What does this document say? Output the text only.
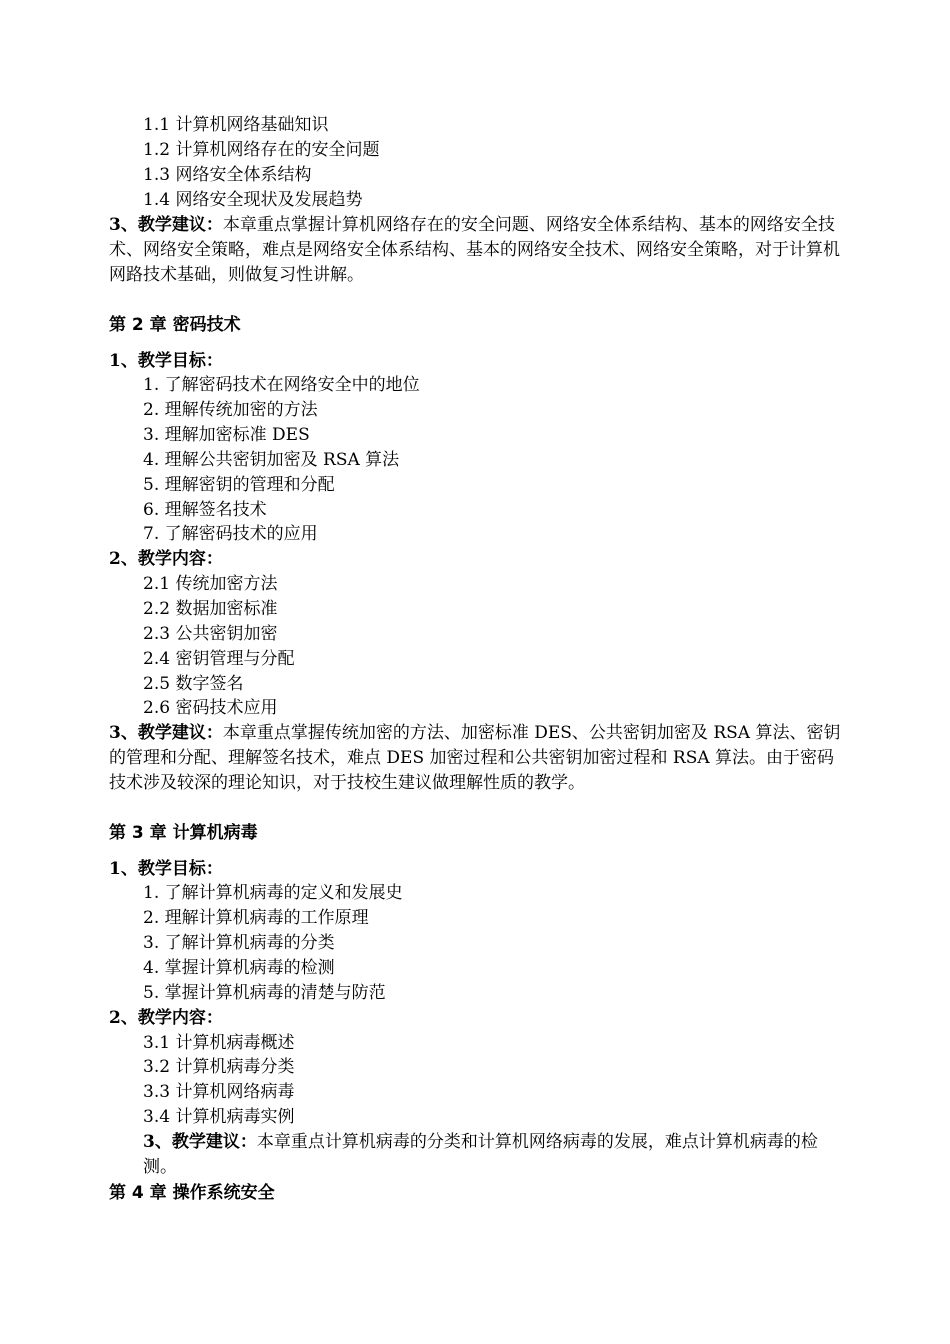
1.1 计算机网络基础知识
1.2 计算机网络存在的安全问题
1.3 网络安全体系结构
1.4 网络安全现状及发展趋势
3、教学建议：本章重点掌握计算机网络存在的安全问题、网络安全体系结构、基本的网络安全技术、网络安全策略，难点是网络安全体系结构、基本的网络安全技术、网络安全策略，对于计算机网路技术基础，则做复习性讲解。
第 2 章 密码技术
1、教学目标：
1. 了解密码技术在网络安全中的地位
2. 理解传统加密的方法
3. 理解加密标准 DES
4. 理解公共密钥加密及 RSA 算法
5. 理解密钥的管理和分配
6. 理解签名技术
7. 了解密码技术的应用
2、教学内容：
2.1 传统加密方法
2.2 数据加密标准
2.3 公共密钥加密
2.4 密钥管理与分配
2.5 数字签名
2.6 密码技术应用
3、教学建议：本章重点掌握传统加密的方法、加密标准 DES、公共密钥加密及 RSA 算法、密钥的管理和分配、理解签名技术，难点 DES 加密过程和公共密钥加密过程和 RSA 算法。由于密码技术涉及较深的理论知识，对于技校生建议做理解性质的教学。
第 3 章 计算机病毒
1、教学目标：
1. 了解计算机病毒的定义和发展史
2. 理解计算机病毒的工作原理
3. 了解计算机病毒的分类
4. 掌握计算机病毒的检测
5. 掌握计算机病毒的清楚与防范
2、教学内容：
3.1 计算机病毒概述
3.2 计算机病毒分类
3.3 计算机网络病毒
3.4 计算机病毒实例
3、教学建议：本章重点计算机病毒的分类和计算机网络病毒的发展，难点计算机病毒的检测。
第 4 章 操作系统安全
